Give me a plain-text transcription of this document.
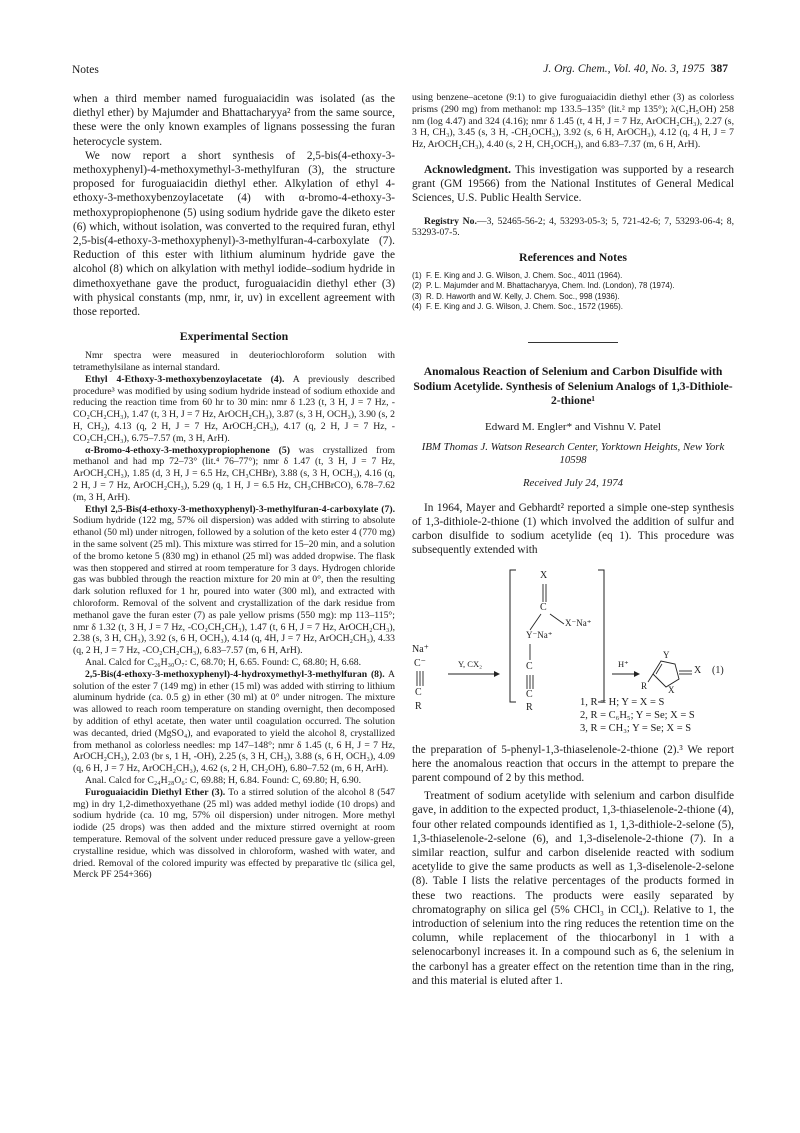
Notes	J. Org. Chem., Vol. 40, No. 3, 1975 387

when a third member named furoguaiacidin was isolated (as the diethyl ether) by Majumder and Bhattacharyya² from the same source, these were the only known examples of lignans possessing the furan heterocycle system.

We now report a short synthesis of 2,5-bis(4-ethoxy-3-methoxyphenyl)-4-methoxymethyl-3-methylfuran (3), the structure proposed for furoguaiacidin diethyl ether. Alkylation of ethyl 4-ethoxy-3-methoxybenzoylacetate (4) with α-bromo-4-ethoxy-3-methoxypropiophenone (5) using sodium hydride gave the diketo ester (6) which, without isolation, was converted to the required furan, ethyl 2,5-bis(4-ethoxy-3-methoxyphenyl)-3-methylfuran-4-carboxylate (7). Reduction of this ester with lithium aluminum hydride gave the alcohol (8) which on alkylation with methyl iodide–sodium hydride in dimethoxyethane gave the product, furoguaiacidin diethyl ether (3) with physical constants (mp, nmr, ir, uv) in excellent agreement with those reported.

Experimental Section

Nmr spectra were measured in deuteriochloroform solution with tetramethylsilane as internal standard.

Ethyl 4-Ethoxy-3-methoxybenzoylacetate (4). A previously described procedure³ was modified by using sodium hydride instead of sodium ethoxide and reducing the reaction time from 60 hr to 30 min: nmr δ 1.23 (t, 3 H, J = 7 Hz, -CO₂CH₂CH₃), 1.47 (t, 3 H, J = 7 Hz, ArOCH₂CH₃), 3.87 (s, 3 H, OCH₃), 3.90 (s, 2 H, CH₂), 4.13 (q, 2 H, J = 7 Hz, ArOCH₂CH₃), 4.17 (q, 2 H, J = 7 Hz, -CO₂CH₂CH₃), 6.75–7.57 (m, 3 H, ArH).

α-Bromo-4-ethoxy-3-methoxypropiophenone (5) was crystallized from methanol and had mp 72–73° (lit.⁴ 76–77°); nmr δ 1.47 (t, 3 H, J = 7 Hz, ArOCH₂CH₃), 1.85 (d, 3 H, J = 6.5 Hz, CH₃CHBr), 3.88 (s, 3 H, OCH₃), 4.16 (q, 2 H, J = 7 Hz, ArOCH₂CH₃), 5.29 (q, 1 H, J = 6.5 Hz, CH₃CHBrCO), 6.78–7.62 (m, 3 H, ArH).

Ethyl 2,5-Bis(4-ethoxy-3-methoxyphenyl)-3-methylfuran-4-carboxylate (7). Sodium hydride (122 mg, 57% oil dispersion) was added with stirring to absolute ethanol (50 ml) under nitrogen, followed by a solution of the keto ester 4 (770 mg) in the same solvent (25 ml). This mixture was stirred for 15–20 min, and a solution of the bromo ketone 5 (830 mg) in ethanol (25 ml) was added dropwise. The flask was then stoppered and stirred at room temperature for 3 days. Hydrogen chloride gas was bubbled through the reaction mixture for 20 min at 0°, then the resulting dark solution refluxed for 1 hr, poured into water (300 ml), and extracted with chloroform. Removal of the solvent and crystallization of the dark residue from methanol gave the furan ester (7) as pale yellow prisms (550 mg): mp 113–115°; nmr δ 1.32 (t, 3 H, J = 7 Hz, -CO₂CH₂CH₃), 1.47 (t, 6 H, J = 7 Hz, ArOCH₂CH₃), 2.38 (s, 3 H, CH₃), 3.92 (s, 6 H, OCH₃), 4.14 (q, 4H, J = 7 Hz, ArOCH₂CH₃), 4.33 (q, 2 H, J = 7 Hz, -CO₂CH₂CH₃), 6.83–7.57 (m, 6 H, ArH).

Anal. Calcd for C₂₆H₃₀O₇: C, 68.70; H, 6.65. Found: C, 68.80; H, 6.68.

2,5-Bis(4-ethoxy-3-methoxyphenyl)-4-hydroxymethyl-3-methylfuran (8). A solution of the ester 7 (149 mg) in ether (15 ml) was added with stirring to lithium aluminum hydride (ca. 0.5 g) in ether (30 ml) at 0° under nitrogen. The mixture was allowed to reach room temperature on standing overnight, then decomposed by addition of ethyl acetate, then water until coagulation occurred. The solution was decanted, dried (MgSO₄), and evaporated to yield the alcohol 8, crystallized from methanol as colorless needles: mp 147–148°; nmr δ 1.45 (t, 6 H, J = 7 Hz, ArOCH₂CH₃), 2.03 (br s, 1 H, -OH), 2.25 (s, 3 H, CH₃), 3.88 (s, 6 H, OCH₃), 4.09 (q, 6 H, J = 7 Hz, ArOCH₂CH₃), 4.62 (s, 2 H, CH₂OH), 6.80–7.52 (m, 6 H, ArH).

Anal. Calcd for C₂₄H₂₈O₆: C, 69.88; H, 6.84. Found: C, 69.80; H, 6.90.

Furoguaiacidin Diethyl Ether (3). To a stirred solution of the alcohol 8 (547 mg) in dry 1,2-dimethoxyethane (25 ml) was added methyl iodide (10 drops) and sodium hydride (ca. 10 mg, 57% oil dispersion) under nitrogen. More methyl iodide (25 drops) was then added and the mixture stirred overnight at room temperature. Removal of the solvent under reduced pressure gave a yellow-green crystalline residue, which was dissolved in chloroform, washed with water, and dried. Removal of the colored impurity was effected by preparative tlc (silica gel, Merck PF 254+366)

using benzene–acetone (9:1) to give furoguaiacidin diethyl ether (3) as colorless prisms (290 mg) from methanol: mp 133.5–135° (lit.² mp 135°); λ(C₂H₅OH) 258 nm (log 4.47) and 324 (4.16); nmr δ 1.45 (t, 4 H, J = 7 Hz, ArOCH₂CH₃), 2.27 (s, 3 H, CH₃), 3.45 (s, 3 H, -CH₂OCH₃), 3.92 (s, 6 H, ArOCH₃), 4.12 (q, 4 H, J = 7 Hz, ArOCH₂CH₃), 4.40 (s, 2 H, CH₂OCH₃), and 6.83–7.37 (m, 6 H, ArH).

Acknowledgment. This investigation was supported by a research grant (GM 19566) from the National Institutes of General Medical Sciences, U.S. Public Health Service.

Registry No.—3, 52465-56-2; 4, 53293-05-3; 5, 721-42-6; 7, 53293-06-4; 8, 53293-07-5.

References and Notes
(1) F. E. King and J. G. Wilson, J. Chem. Soc., 4011 (1964).
(2) P. L. Majumder and M. Bhattacharyya, Chem. Ind. (London), 78 (1974).
(3) R. D. Haworth and W. Kelly, J. Chem. Soc., 998 (1936).
(4) F. E. King and J. G. Wilson, J. Chem. Soc., 1572 (1965).
Anomalous Reaction of Selenium and Carbon Disulfide with Sodium Acetylide. Synthesis of Selenium Analogs of 1,3-Dithiole-2-thione¹
Edward M. Engler* and Vishnu V. Patel
IBM Thomas J. Watson Research Center, Yorktown Heights, New York 10598
Received July 24, 1974

In 1964, Mayer and Gebhardt² reported a simple one-step synthesis of 1,3-dithiole-2-thione (1) which involved the addition of sulfur and carbon disulfide to sodium acetylide (eq 1). This procedure was subsequently extended with

Na⁺
C⁻
C
R
Y, CX₂
X
C
X⁻Na⁺
Y⁻Na⁺
C
C
R
H⁺
Y
X
R
X (1)
1, R = H; Y = X = S
2, R = C₆H₅; Y = Se; X = S
3, R = CH₃; Y = Se; X = S

the preparation of 5-phenyl-1,3-thiaselenole-2-thione (2).³ We report here the anomalous reaction that occurs in the attempt to prepare the parent compound of 2 by this method.

Treatment of sodium acetylide with selenium and carbon disulfide gave, in addition to the expected product, 1,3-thiaselenole-2-thione (4), four other related compounds identified as 1, 1,3-dithiole-2-selone (5), 1,3-thiaselenole-2-selone (6), and 1,3-diselenole-2-thione (7). In a similar reaction, sulfur and carbon diselenide reacted with sodium acetylide to give the same products as well as 1,3-diselenole-2-selone (8). Table I lists the relative percentages of the products formed in these two reactions. The products were easily separated by chromatography on silica gel (5% CHCl₃ in CCl₄). Relative to 1, the introduction of selenium into the ring reduces the retention time on the column, while replacement of the thiocarbonyl in 1 with a selenocarbonyl increases it. In a compound such as 6, the selenium in the carbonyl has a greater effect on the retention time than in the ring, and this material is eluted after 1.
